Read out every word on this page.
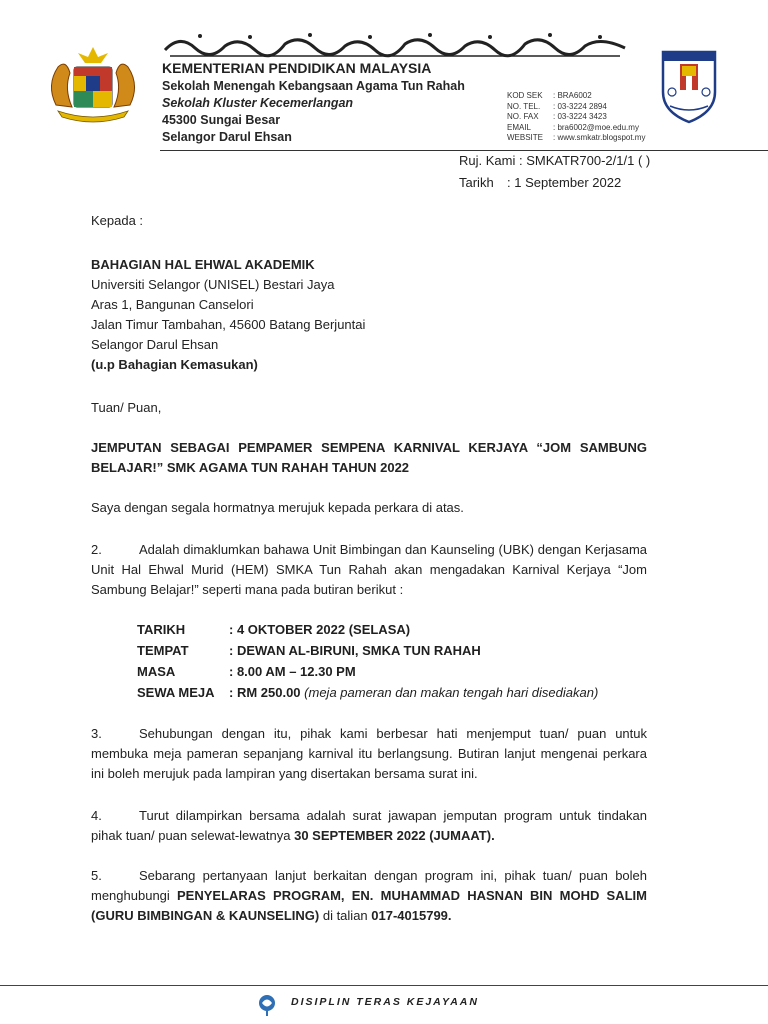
KEMENTERIAN PENDIDIKAN MALAYSIA
Sekolah Menengah Kebangsaan Agama Tun Rahah
Sekolah Kluster Kecemerlangan
45300 Sungai Besar
Selangor Darul Ehsan
KOD SEK	: BRA6002
NO. TEL.	: 03-3224 2894
NO. FAX	: 03-3224 3423
EMAIL	: bra6002@moe.edu.my
WEBSITE	: www.smkatr.blogspot.my
DISIPLIN TERAS KEJAYAAN
Ruj. Kami : SMKATR700-2/1/1 ( )
Tarikh : 1 September 2022
Kepada :
BAHAGIAN HAL EHWAL AKADEMIK
Universiti Selangor (UNISEL) Bestari Jaya
Aras 1, Bangunan Canselori
Jalan Timur Tambahan, 45600 Batang Berjuntai
Selangor Darul Ehsan
(u.p Bahagian Kemasukan)
Tuan/ Puan,
JEMPUTAN SEBAGAI PEMPAMER SEMPENA KARNIVAL KERJAYA “JOM SAMBUNG BELAJAR!” SMK AGAMA TUN RAHAH TAHUN 2022
Saya dengan segala hormatnya merujuk kepada perkara di atas.
2.	Adalah dimaklumkan bahawa Unit Bimbingan dan Kaunseling (UBK) dengan Kerjasama Unit Hal Ehwal Murid (HEM) SMKA Tun Rahah akan mengadakan Karnival Kerjaya “Jom Sambung Belajar!” seperti mana pada butiran berikut :
TARIKH	: 4 OKTOBER 2022 (SELASA)
TEMPAT	: DEWAN AL-BIRUNI, SMKA TUN RAHAH
MASA	: 8.00 AM – 12.30 PM
SEWA MEJA	: RM 250.00
(meja pameran dan makan tengah hari disediakan)
3.	Sehubungan dengan itu, pihak kami berbesar hati menjemput tuan/ puan untuk membuka meja pameran sepanjang karnival itu berlangsung. Butiran lanjut mengenai perkara ini boleh merujuk pada lampiran yang disertakan bersama surat ini.
4.	Turut dilampirkan bersama adalah surat jawapan jemputan program untuk tindakan pihak tuan/ puan selewat-lewatnya 30 SEPTEMBER 2022 (JUMAAT).
5.	Sebarang pertanyaan lanjut berkaitan dengan program ini, pihak tuan/ puan boleh menghubungi PENYELARAS PROGRAM, EN. MUHAMMAD HASNAN BIN MOHD SALIM (GURU BIMBINGAN & KAUNSELING) di talian 017-4015799.
DISIPLIN TERAS KEJAYAAN
